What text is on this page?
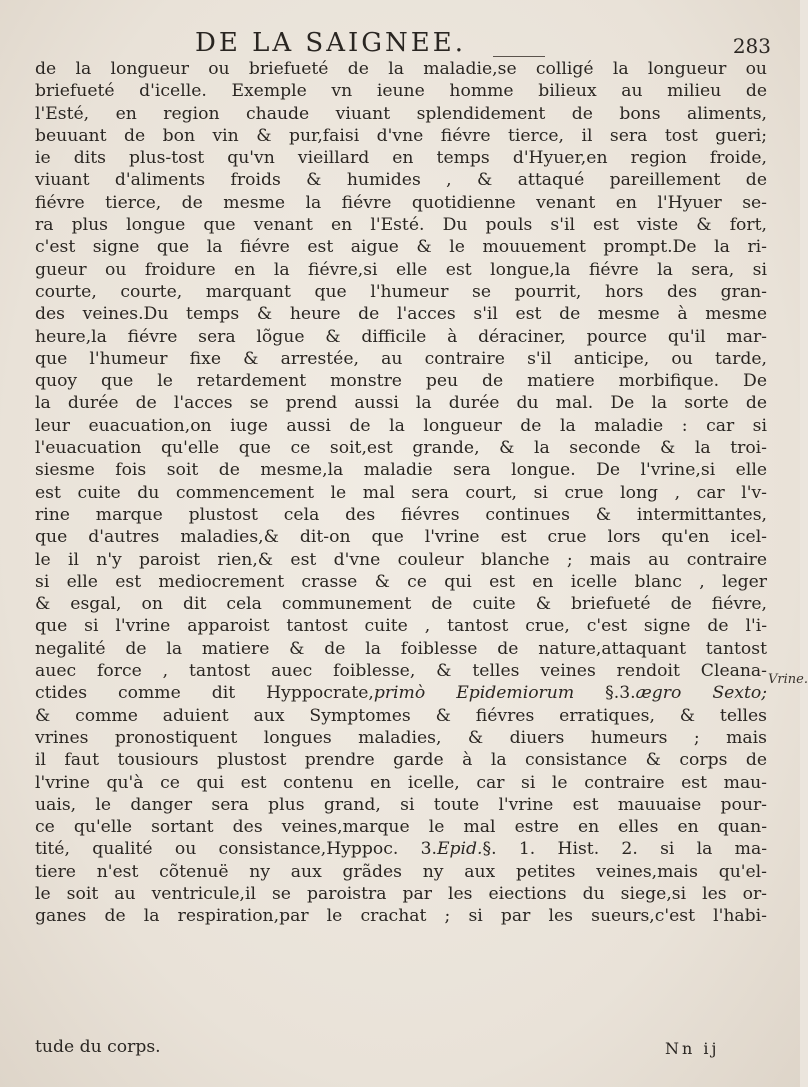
DE LA SAIGNEE.	283
de la longueur ou briefueté de la maladie,se colligé la longueur ou
briefueté d'icelle. Exemple vn ieune homme bilieux au milieu de
l'Esté, en region chaude viuant splendidement de bons aliments,
beuuant de bon vin & pur,faisi d'vne fiévre tierce, il sera tost gueri;
ie dits plus-tost qu'vn vieillard en temps d'Hyuer,en region froide,
viuant d'aliments froids & humides , & attaqué pareillement de
fiévre tierce, de mesme la fiévre quotidienne venant en l'Hyuer se-
ra plus longue que venant en l'Esté. Du pouls s'il est viste & fort,
c'est signe que la fiévre est aigue & le mouuement prompt.De la ri-
gueur ou froidure en la fiévre,si elle est longue,la fiévre la sera, si
courte, courte, marquant que l'humeur se pourrit, hors des gran-
des veines.Du temps & heure de l'acces s'il est de mesme à mesme
heure,la fiévre sera lõgue & difficile à déraciner, pource qu'il mar-
que l'humeur fixe & arrestée, au contraire s'il anticipe, ou tarde,
quoy que le retardement monstre peu de matiere morbifique. De
la durée de l'acces se prend aussi la durée du mal. De la sorte de
leur euacuation,on iuge aussi de la longueur de la maladie : car si
l'euacuation qu'elle que ce soit,est grande, & la seconde & la troi-
siesme fois soit de mesme,la maladie sera longue. De l'vrine,si elle
est cuite du commencement le mal sera court, si crue long , car l'v-
rine marque plustost cela des fiévres continues & intermittantes,
que d'autres maladies,& dit-on que l'vrine est crue lors qu'en icel-
le il n'y paroist rien,& est d'vne couleur blanche ; mais au contraire
si elle est mediocrement crasse & ce qui est en icelle blanc , leger
& esgal, on dit cela communement de cuite & briefueté de fiévre,
que si l'vrine apparoist tantost cuite , tantost crue, c'est signe de l'i-
negalité de la matiere & de la foiblesse de nature,attaquant tantost
auec force , tantost auec foiblesse, & telles veines rendoit Cleana-
ctides comme dit Hyppocrate,primò Epidemiorum §.3.ægro Sexto;
& comme aduient aux Symptomes & fiévres erratiques, & telles
vrines pronostiquent longues maladies, & diuers humeurs ; mais
il faut tousiours plustost prendre garde à la consistance & corps de
l'vrine qu'à ce qui est contenu en icelle, car si le contraire est mau-
uais, le danger sera plus grand, si toute l'vrine est mauuaise pour-
ce qu'elle sortant des veines,marque le mal estre en elles en quan-
tité, qualité ou consistance,Hyppoc. 3.Epid.§. 1. Hist. 2. si la ma-
tiere n'est cõtenuë ny aux grãdes ny aux petites veines,mais qu'el-
le soit au ventricule,il se paroistra par les eiections du siege,si les or-
ganes de la respiration,par le crachat ; si par les sueurs,c'est l'habi-
Vrine.
tude du corps.	Nn ij
